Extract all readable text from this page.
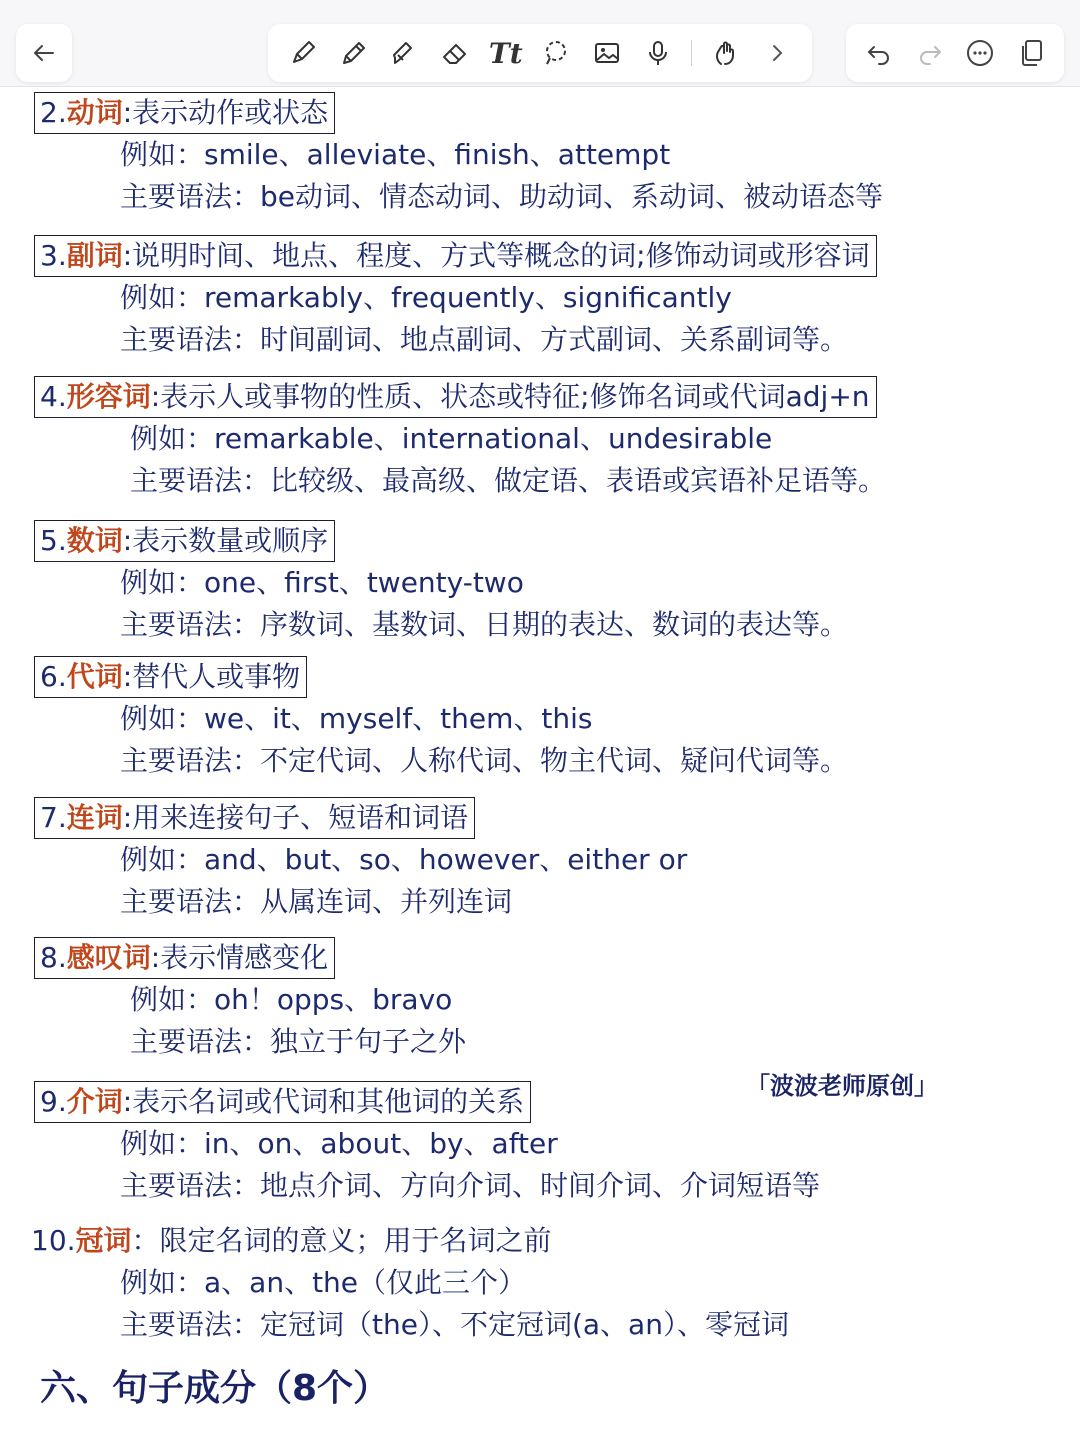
Tt
2.动词:表示动作或状态
例如：smile、alleviate、finish、attempt
主要语法：be动词、情态动词、助动词、系动词、被动语态等
3.副词:说明时间、地点、程度、方式等概念的词;修饰动词或形容词
例如：remarkably、frequently、significantly
主要语法：时间副词、地点副词、方式副词、关系副词等。
4.形容词:表示人或事物的性质、状态或特征;修饰名词或代词adj+n
例如：remarkable、international、undesirable
主要语法：比较级、最高级、做定语、表语或宾语补足语等。
5.数词:表示数量或顺序
例如：one、first、twenty-two
主要语法：序数词、基数词、日期的表达、数词的表达等。
6.代词:替代人或事物
例如：we、it、myself、them、this
主要语法：不定代词、人称代词、物主代词、疑问代词等。
7.连词:用来连接句子、短语和词语
例如：and、but、so、however、either or
主要语法：从属连词、并列连词
8.感叹词:表示情感变化
例如：oh！opps、bravo
主要语法：独立于句子之外
「波波老师原创」
9.介词:表示名词或代词和其他词的关系
例如：in、on、about、by、after
主要语法：地点介词、方向介词、时间介词、介词短语等
10.冠词：限定名词的意义；用于名词之前
例如：a、an、the（仅此三个）
主要语法：定冠词（the）、不定冠词(a、an）、零冠词
六、句子成分（8个）
